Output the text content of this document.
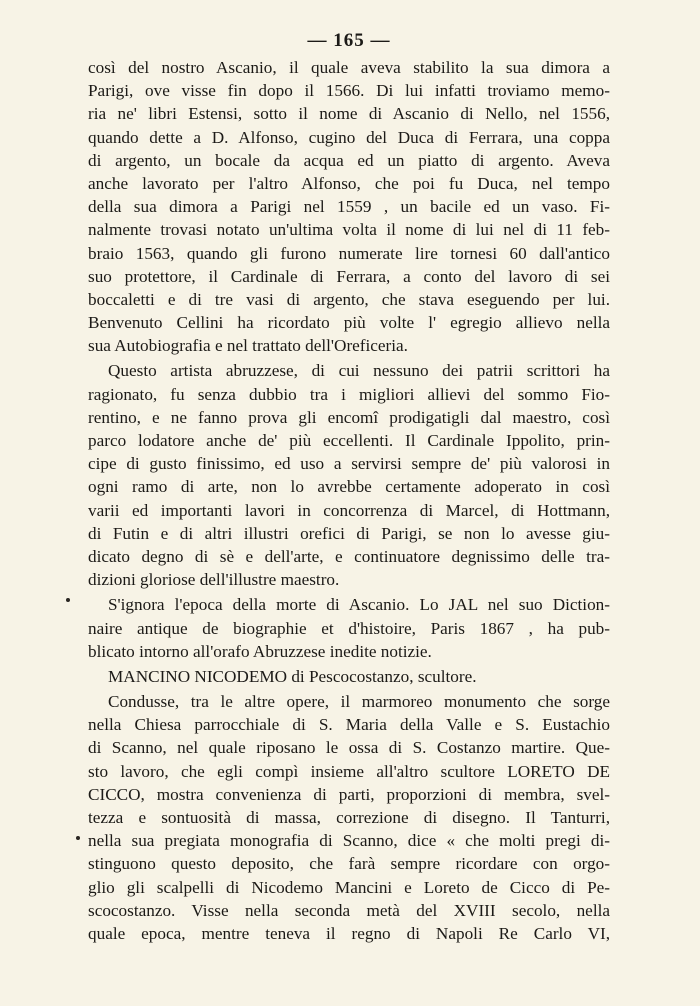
— 165 —
così del nostro Ascanio, il quale aveva stabilito la sua dimora a
Parigi, ove visse fin dopo il 1566. Di lui infatti troviamo memo-
ria ne' libri Estensi, sotto il nome di Ascanio di Nello, nel 1556,
quando dette a D. Alfonso, cugino del Duca di Ferrara, una coppa
di argento, un bocale da acqua ed un piatto di argento. Aveva
anche lavorato per l'altro Alfonso, che poi fu Duca, nel tempo
della sua dimora a Parigi nel 1559 , un bacile ed un vaso. Fi-
nalmente trovasi notato un'ultima volta il nome di lui nel di 11 feb-
braio 1563, quando gli furono numerate lire tornesi 60 dall'antico
suo protettore, il Cardinale di Ferrara, a conto del lavoro di sei
boccaletti e di tre vasi di argento, che stava eseguendo per lui.
Benvenuto Cellini ha ricordato più volte l' egregio allievo nella
sua Autobiografia e nel trattato dell'Oreficeria.
Questo artista abruzzese, di cui nessuno dei patrii scrittori ha
ragionato, fu senza dubbio tra i migliori allievi del sommo Fio-
rentino, e ne fanno prova gli encomî prodigatigli dal maestro, così
parco lodatore anche de' più eccellenti. Il Cardinale Ippolito, prin-
cipe di gusto finissimo, ed uso a servirsi sempre de' più valorosi in
ogni ramo di arte, non lo avrebbe certamente adoperato in così
varii ed importanti lavori in concorrenza di Marcel, di Hottmann,
di Futin e di altri illustri orefici di Parigi, se non lo avesse giu-
dicato degno di sè e dell'arte, e continuatore degnissimo delle tra-
dizioni gloriose dell'illustre maestro.
S'ignora l'epoca della morte di Ascanio. Lo JAL nel suo Diction-
naire antique de biographie et d'histoire, Paris 1867 , ha pub-
blicato intorno all'orafo Abruzzese inedite notizie.
MANCINO NICODEMO di Pescocostanzo, scultore.
Condusse, tra le altre opere, il marmoreo monumento che sorge
nella Chiesa parrocchiale di S. Maria della Valle e S. Eustachio
di Scanno, nel quale riposano le ossa di S. Costanzo martire. Que-
sto lavoro, che egli compì insieme all'altro scultore LORETO DE
CICCO, mostra convenienza di parti, proporzioni di membra, svel-
tezza e sontuosità di massa, correzione di disegno. Il Tanturri,
nella sua pregiata monografia di Scanno, dice « che molti pregi di-
stinguono questo deposito, che farà sempre ricordare con orgo-
glio gli scalpelli di Nicodemo Mancini e Loreto de Cicco di Pe-
scocostanzo. Visse nella seconda metà del XVIII secolo, nella
quale epoca, mentre teneva il regno di Napoli Re Carlo VI,
